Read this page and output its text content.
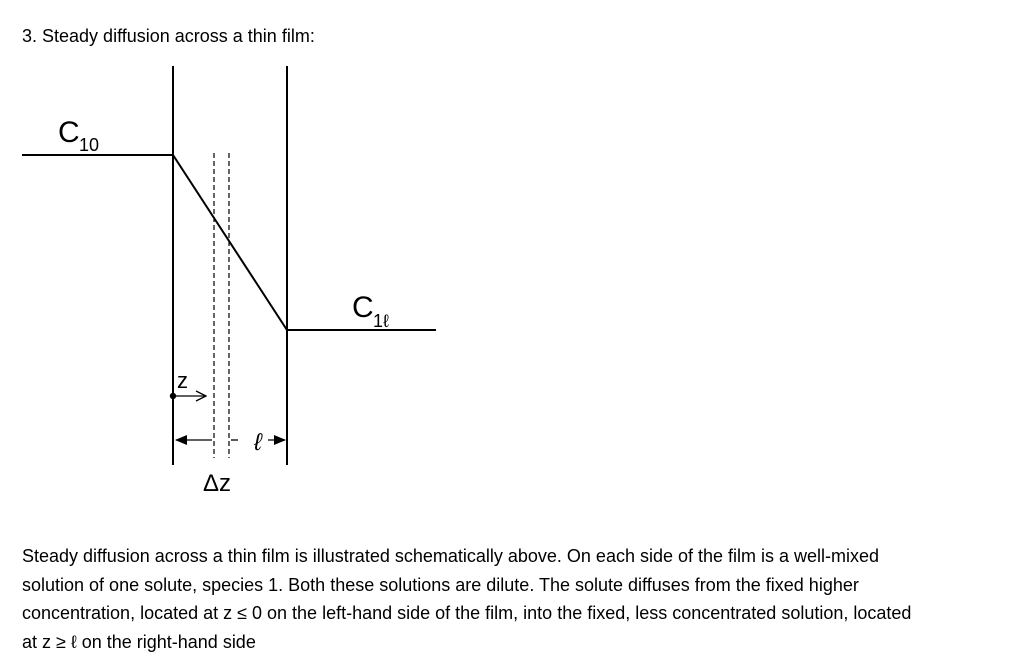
3. Steady diffusion across a thin film:
C 10
C 1ℓ
z
ℓ
Δz

Steady diffusion across a thin film is illustrated schematically above. On each side of the film is a well-mixed solution of one solute, species 1. Both these solutions are dilute. The solute diffuses from the fixed higher concentration, located at z ≤ 0 on the left-hand side of the film, into the fixed, less concentrated solution, located at z ≥ ℓ on the right-hand side
